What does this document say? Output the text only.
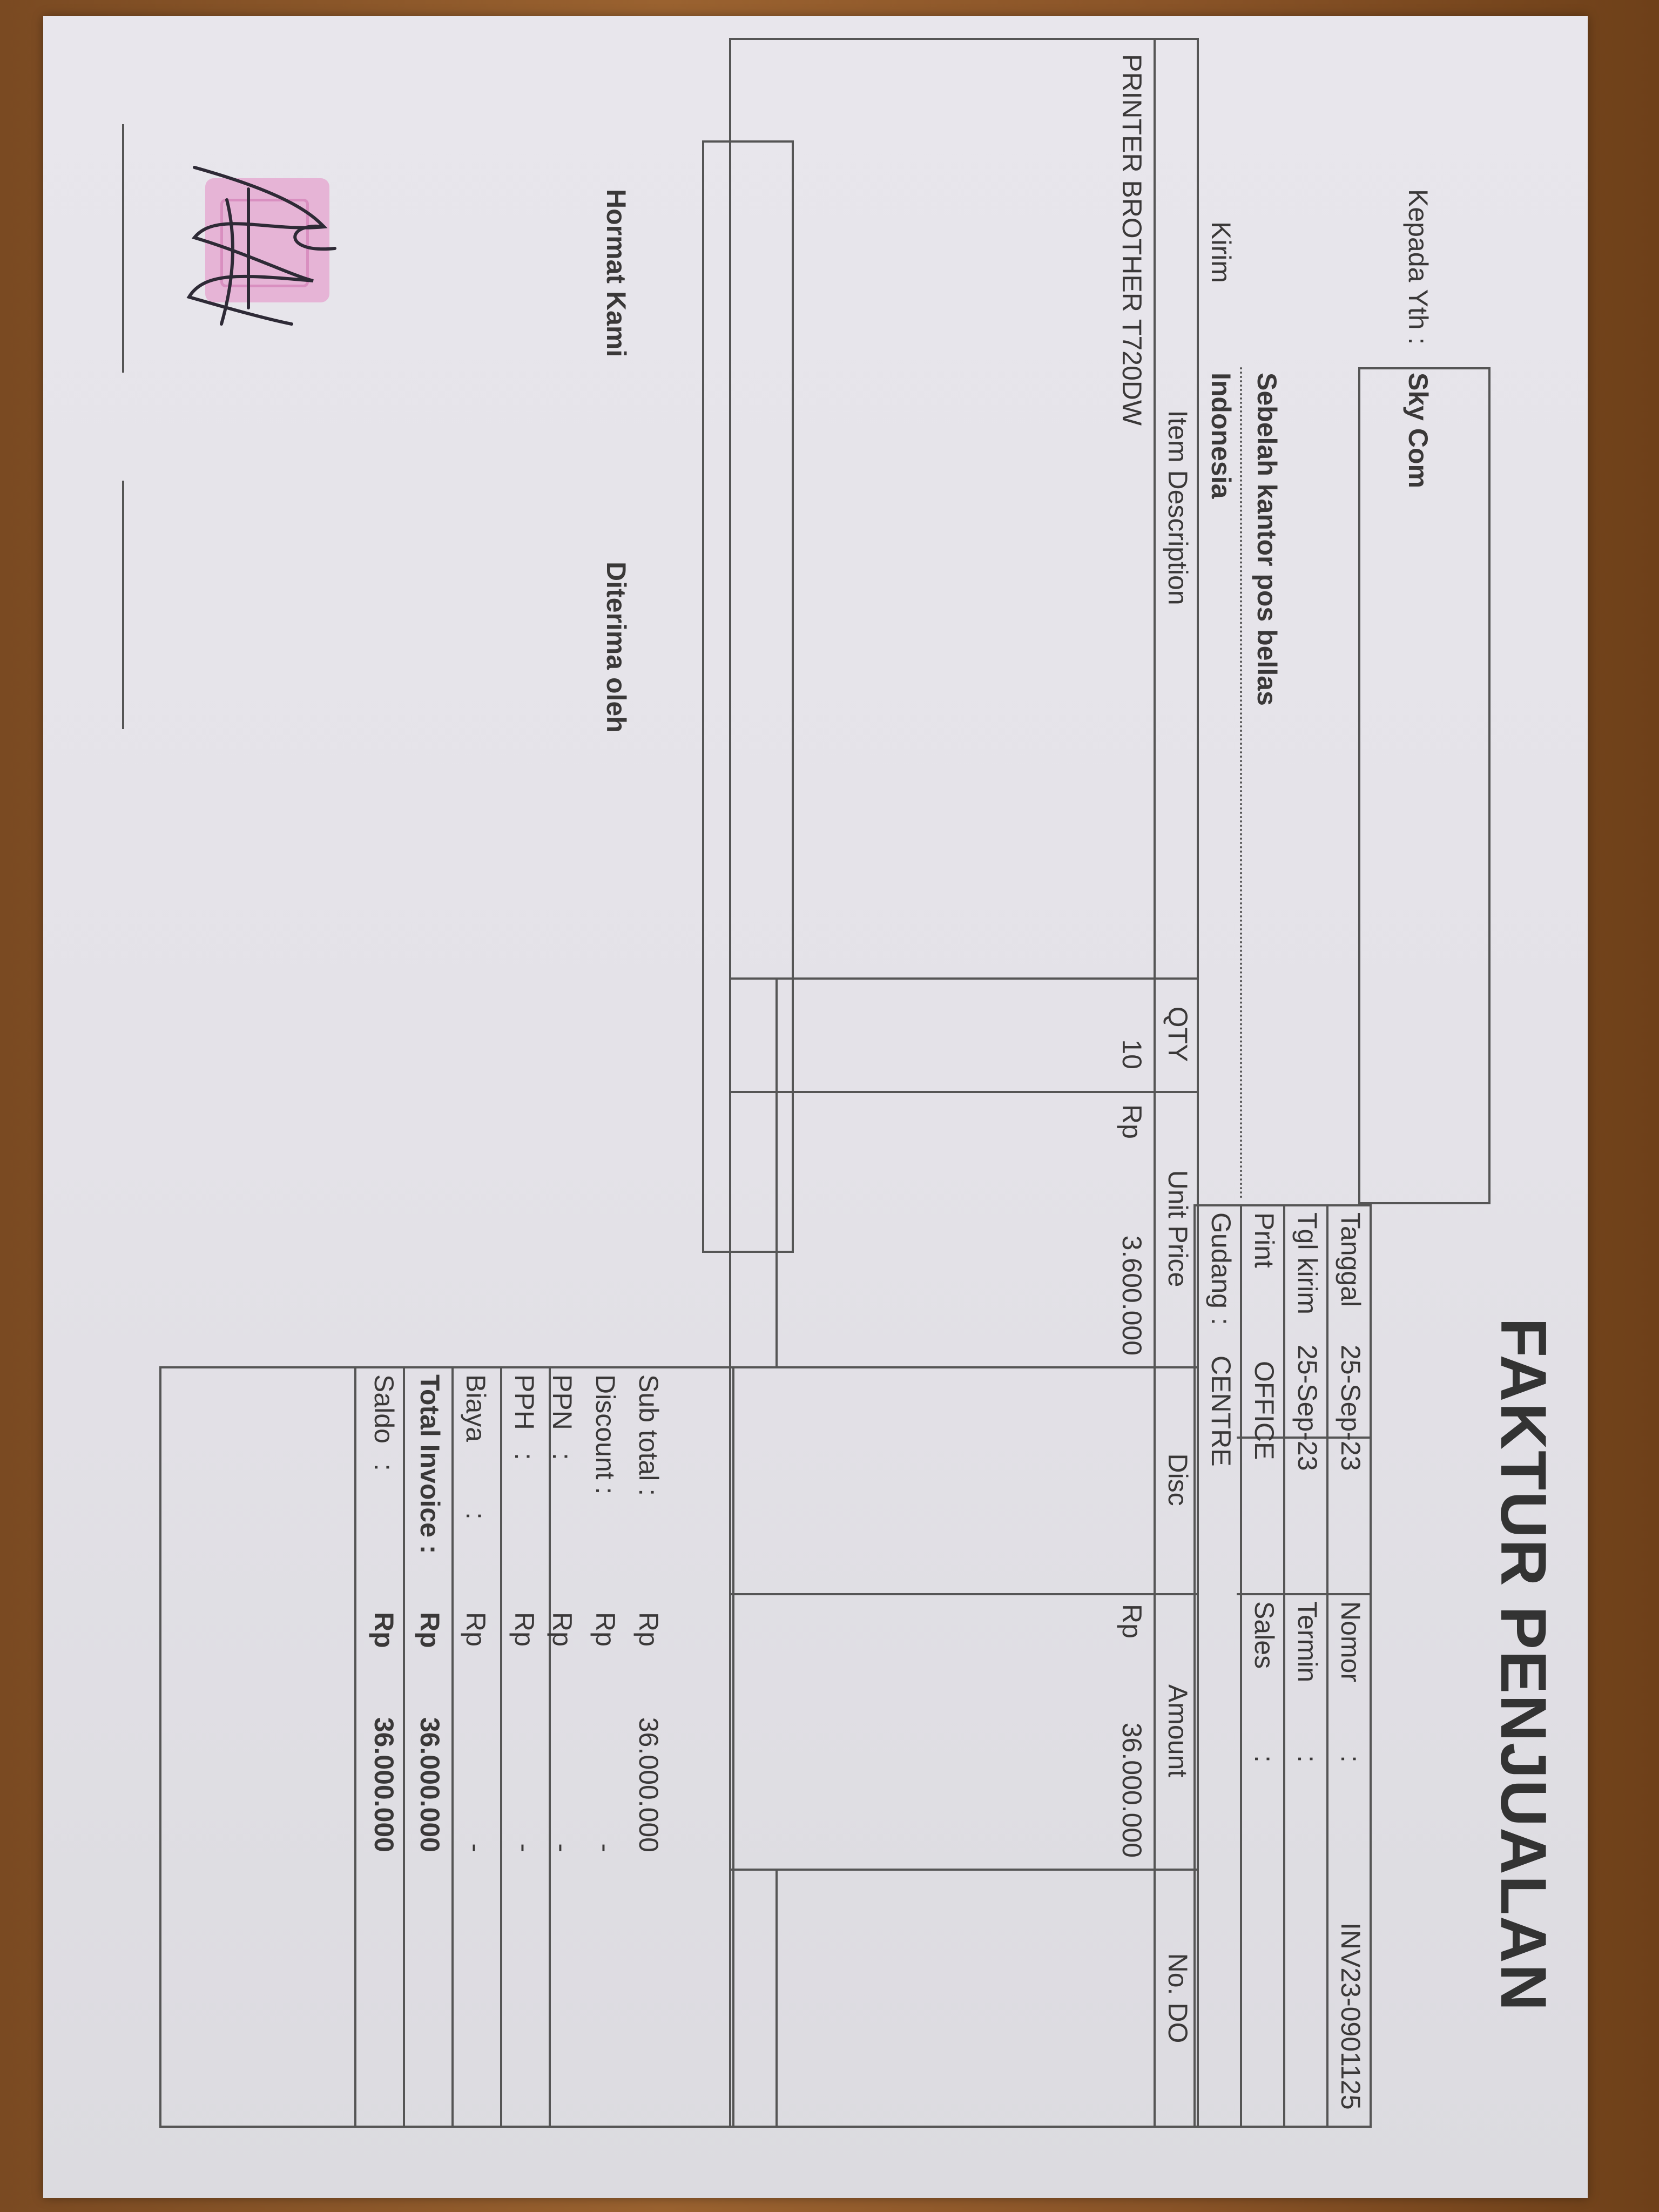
FAKTUR PENJUALAN
Kepada Yth :
Sky Com
Sebelah kantor pos bellas
Indonesia
Kirim
Tanggal
25-Sep-23
Nomor
:
INV23-0901125
Tgl kirim
25-Sep-23
Termin
:
Print
OFFICE
Sales
:
Gudang
:
CENTRE
Item Description
QTY
Unit Price
Disc
Amount
No. DO
PRINTER BROTHER T720DW
10
Rp
3.600.000
Rp
36.000.000
Sub total :
Rp
36.000.000
Discount :
Rp
-
PPN
:
Rp
-
PPH
:
Rp
-
Biaya
:
Rp
-
Total Invoice :
Rp
36.000.000
Saldo
:
Rp
36.000.000
Hormat Kami
Diterima oleh
